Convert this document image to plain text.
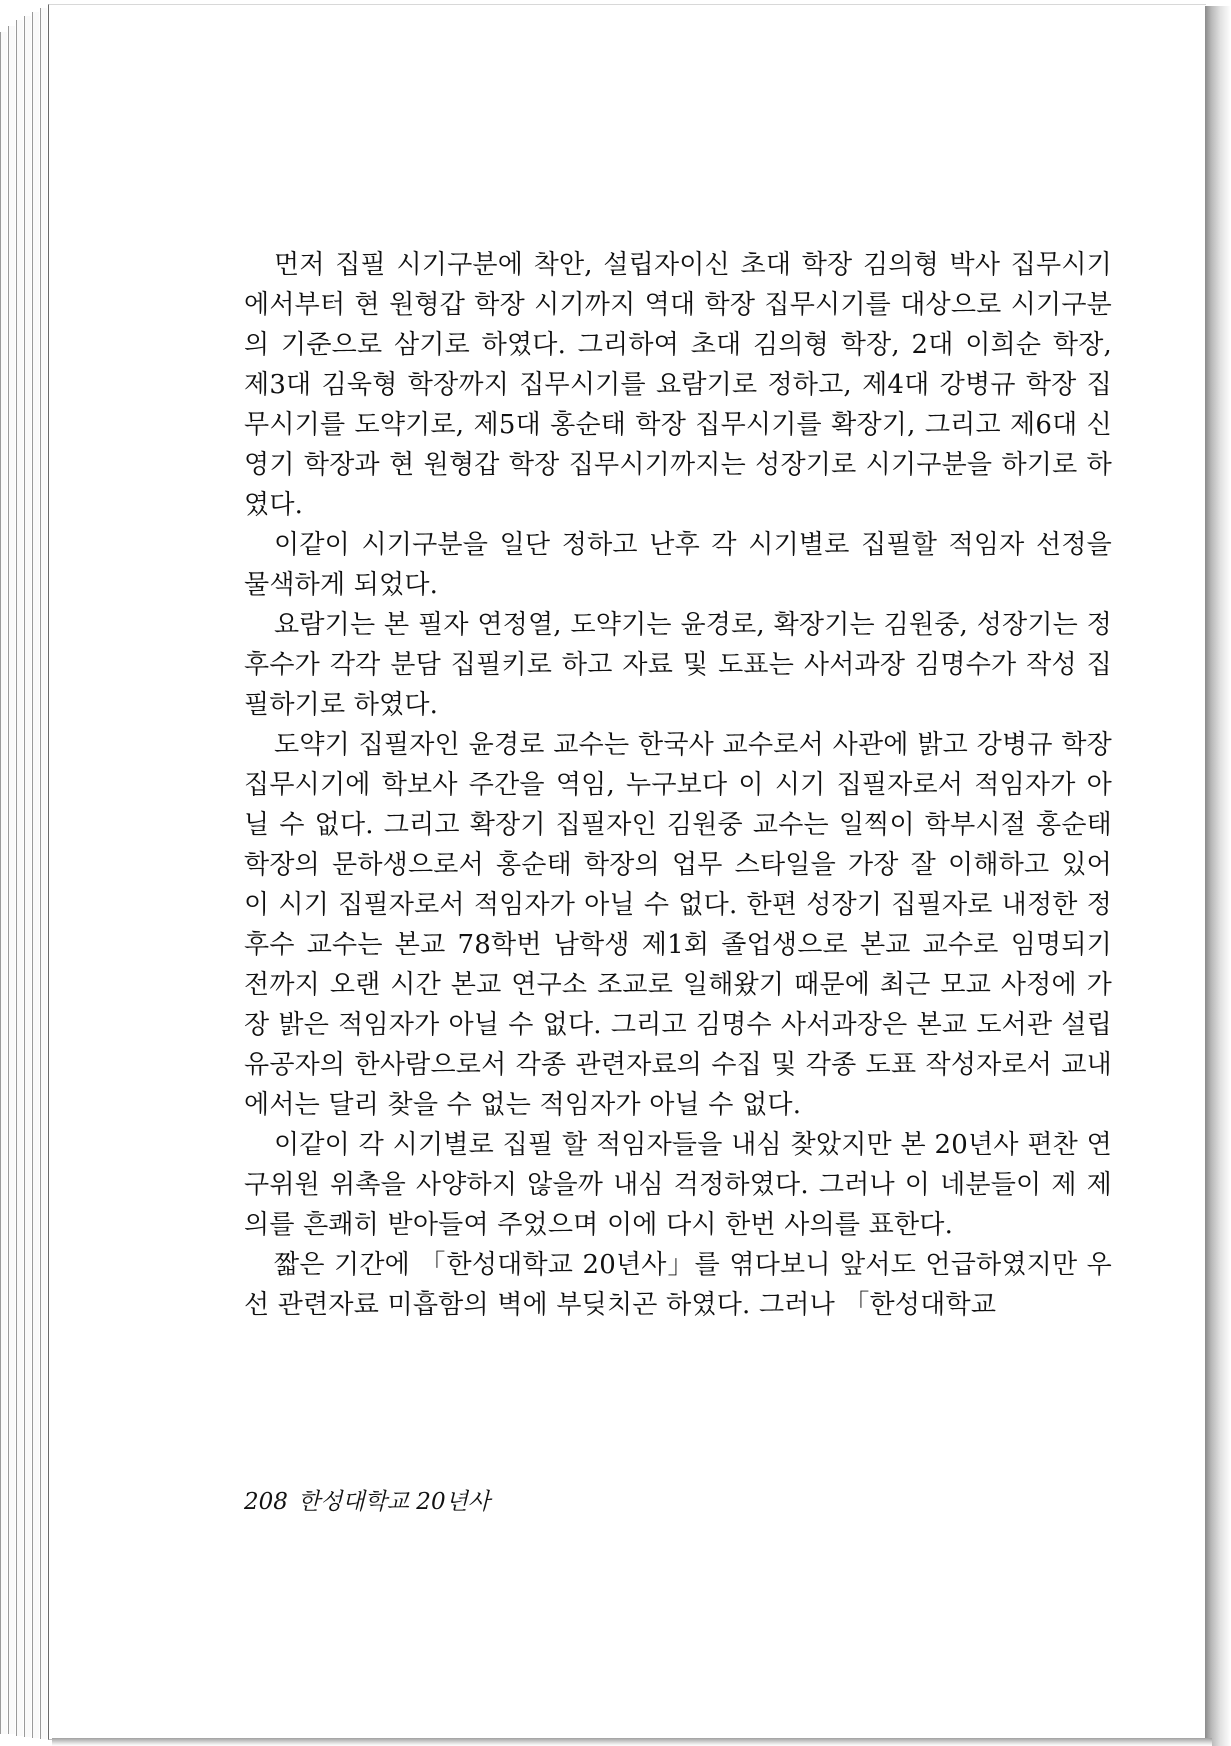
먼저 집필 시기구분에 착안, 설립자이신 초대 학장 김의형 박사 집무시기에서부터 현 원형갑 학장 시기까지 역대 학장 집무시기를 대상으로 시기구분의 기준으로 삼기로 하였다. 그리하여 초대 김의형 학장, 2대 이희순 학장, 제3대 김욱형 학장까지 집무시기를 요람기로 정하고, 제4대 강병규 학장 집무시기를 도약기로, 제5대 홍순태 학장 집무시기를 확장기, 그리고 제6대 신영기 학장과 현 원형갑 학장 집무시기까지는 성장기로 시기구분을 하기로 하였다.

이같이 시기구분을 일단 정하고 난후 각 시기별로 집필할 적임자 선정을 물색하게 되었다.

요람기는 본 필자 연정열, 도약기는 윤경로, 확장기는 김원중, 성장기는 정후수가 각각 분담 집필키로 하고 자료 및 도표는 사서과장 김명수가 작성 집필하기로 하였다.

도약기 집필자인 윤경로 교수는 한국사 교수로서 사관에 밝고 강병규 학장 집무시기에 학보사 주간을 역임, 누구보다 이 시기 집필자로서 적임자가 아닐 수 없다. 그리고 확장기 집필자인 김원중 교수는 일찍이 학부시절 홍순태 학장의 문하생으로서 홍순태 학장의 업무 스타일을 가장 잘 이해하고 있어 이 시기 집필자로서 적임자가 아닐 수 없다. 한편 성장기 집필자로 내정한 정후수 교수는 본교 78학번 남학생 제1회 졸업생으로 본교 교수로 임명되기 전까지 오랜 시간 본교 연구소 조교로 일해왔기 때문에 최근 모교 사정에 가장 밝은 적임자가 아닐 수 없다. 그리고 김명수 사서과장은 본교 도서관 설립 유공자의 한사람으로서 각종 관련자료의 수집 및 각종 도표 작성자로서 교내에서는 달리 찾을 수 없는 적임자가 아닐 수 없다.

이같이 각 시기별로 집필 할 적임자들을 내심 찾았지만 본 20년사 편찬 연구위원 위촉을 사양하지 않을까 내심 걱정하였다. 그러나 이 네분들이 제 제의를 흔쾌히 받아들여 주었으며 이에 다시 한번 사의를 표한다.

짧은 기간에 「한성대학교 20년사」를 엮다보니 앞서도 언급하였지만 우선 관련자료 미흡함의 벽에 부딪치곤 하였다. 그러나 「한성대학교

208 한성대학교 20년사
